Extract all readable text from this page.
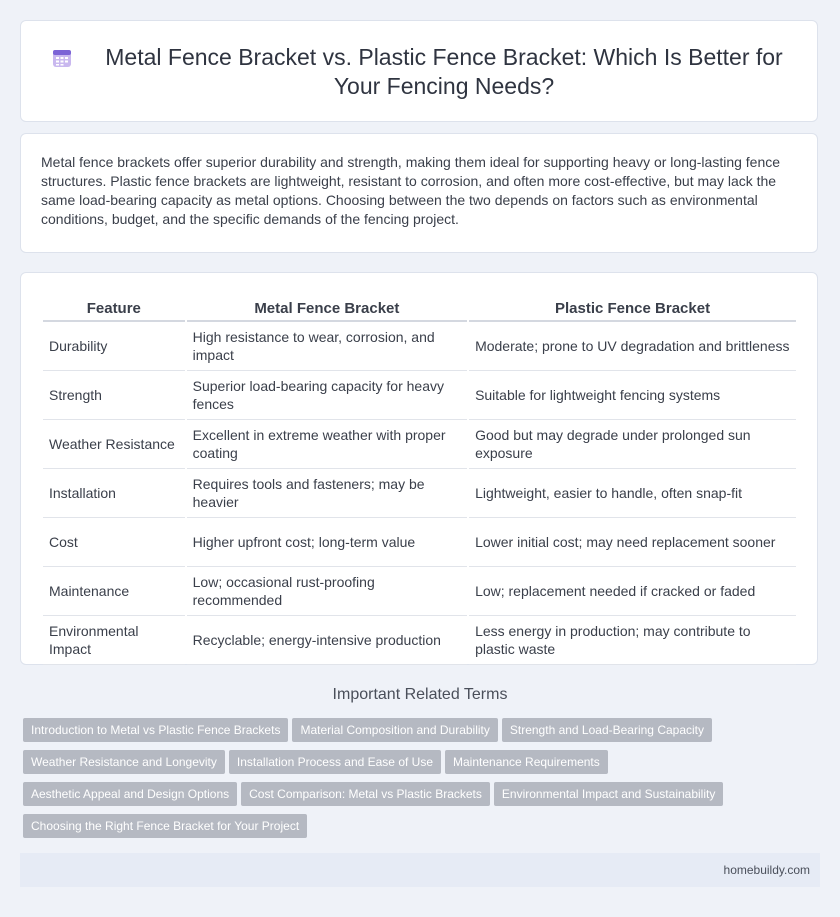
Metal Fence Bracket vs. Plastic Fence Bracket: Which Is Better for Your Fencing Needs?

Metal fence brackets offer superior durability and strength, making them ideal for supporting heavy or long-lasting fence structures. Plastic fence brackets are lightweight, resistant to corrosion, and often more cost-effective, but may lack the same load-bearing capacity as metal options. Choosing between the two depends on factors such as environmental conditions, budget, and the specific demands of the fencing project.

Feature	Metal Fence Bracket	Plastic Fence Bracket
Durability	High resistance to wear, corrosion, and impact	Moderate; prone to UV degradation and brittleness
Strength	Superior load-bearing capacity for heavy fences	Suitable for lightweight fencing systems
Weather Resistance	Excellent in extreme weather with proper coating	Good but may degrade under prolonged sun exposure
Installation	Requires tools and fasteners; may be heavier	Lightweight, easier to handle, often snap-fit
Cost	Higher upfront cost; long-term value	Lower initial cost; may need replacement sooner
Maintenance	Low; occasional rust-proofing recommended	Low; replacement needed if cracked or faded
Environmental Impact	Recyclable; energy-intensive production	Less energy in production; may contribute to plastic waste
Important Related Terms
Introduction to Metal vs Plastic Fence Brackets Material Composition and Durability Strength and Load-Bearing Capacity
Weather Resistance and Longevity Installation Process and Ease of Use Maintenance Requirements
Aesthetic Appeal and Design Options Cost Comparison: Metal vs Plastic Brackets Environmental Impact and Sustainability
Choosing the Right Fence Bracket for Your Project
homebuildy.com
